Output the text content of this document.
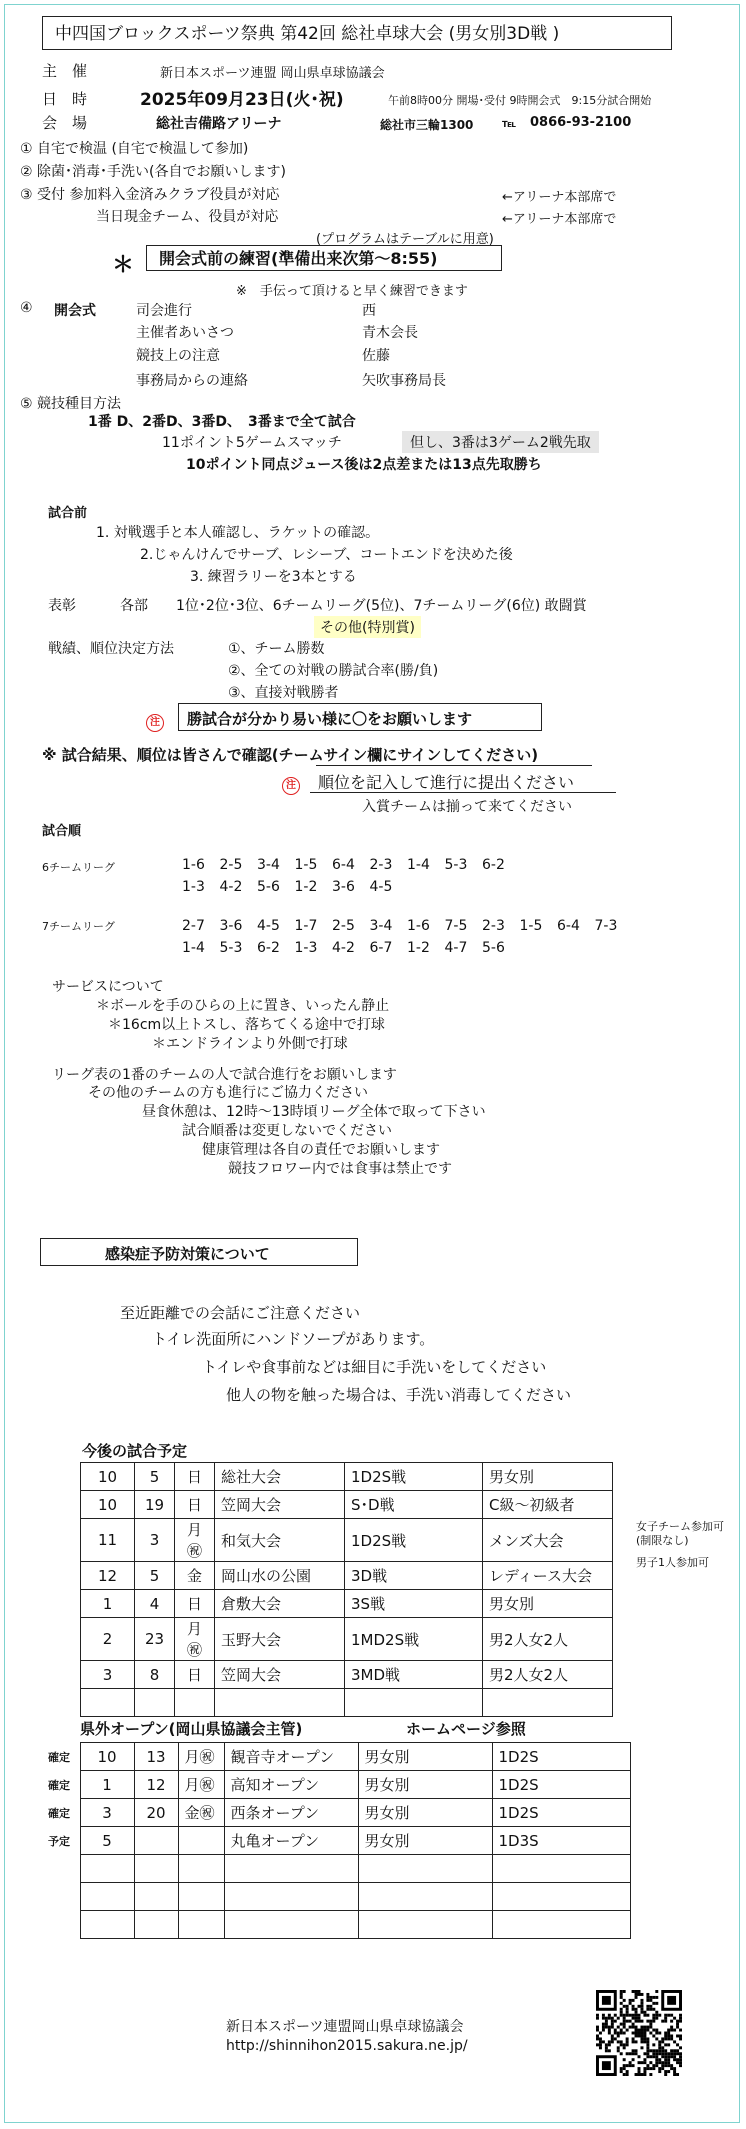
中四国ブロックスポーツ祭典 第42回 総社卓球大会 (男女別3D戦 )
主　催	新日本スポーツ連盟 岡山県卓球協議会
日　時	2025年09月23日(火･祝)	午前8時00分 開場･受付 9時開会式　9:15分試合開始
会　場	総社吉備路アリーナ	総社市三輪1300	℡ 0866-93-2100
① 自宅で検温 (自宅で検温して参加)
② 除菌･消毒･手洗い(各自でお願いします)
③ 受付 参加料入金済みクラブ役員が対応	←アリーナ本部席で
当日現金チーム、役員が対応	←アリーナ本部席で
(プログラムはテーブルに用意)
＊	開会式前の練習(準備出来次第～8:55)
※　手伝って頂けると早く練習できます
④ 開会式	司会進行	西
主催者あいさつ	青木会長
競技上の注意	佐藤
事務局からの連絡	矢吹事務局長
⑤ 競技種目方法
1番 D、2番D、3番D、　3番まで全て試合
11ポイント5ゲームスマッチ	但し、3番は3ゲーム2戦先取
10ポイント同点ジュース後は2点差または13点先取勝ち
試合前
1. 対戦選手と本人確認し、ラケットの確認。
2.じゃんけんでサーブ、レシーブ、コートエンドを決めた後
3. 練習ラリーを3本とする
表彰	各部 1位･2位･3位、6チームリーグ(5位)、7チームリーグ(6位) 敢闘賞
その他(特別賞)
戦績、順位決定方法	①、チーム勝数
②、全ての対戦の勝試合率(勝/負)
③、直接対戦勝者
注	勝試合が分かり易い様に〇をお願いします
※ 試合結果、順位は皆さんで確認(チームサイン欄にサインしてください)
注 順位を記入して進行に提出ください
入賞チームは揃って来てください
試合順
6チームリーグ	1-6 2-5 3-4 1-5 6-4 2-3 1-4 5-3 6-2
1-3 4-2 5-6 1-2 3-6 4-5
7チームリーグ	2-7 3-6 4-5 1-7 2-5 3-4 1-6 7-5 2-3 1-5 6-4 7-3
1-4 5-3 6-2 1-3 4-2 6-7 1-2 4-7 5-6
サービスについて
＊ボールを手のひらの上に置き、いったん静止
＊16cm以上トスし、落ちてくる途中で打球
＊エンドラインより外側で打球
リーグ表の1番のチームの人で試合進行をお願いします
その他のチームの方も進行にご協力ください
昼食休憩は、12時～13時頃リーグ全体で取って下さい
試合順番は変更しないでください
健康管理は各自の責任でお願いします
競技フロワー内では食事は禁止です
感染症予防対策について
至近距離での会話にご注意ください
トイレ洗面所にハンドソープがあります。
トイレや食事前などは細目に手洗いをしてください
他人の物を触った場合は、手洗い消毒してください
今後の試合予定
10	5	日	総社大会	1D2S戦	男女別
10	19	日	笠岡大会	S･D戦	C級～初級者
11	3	月㊗	和気大会	1D2S戦	メンズ大会
12	5	金	岡山水の公園	3D戦	レディース大会
1	4	日	倉敷大会	3S戦	男女別
2	23	月㊗	玉野大会	1MD2S戦	男2人女2人
3	8	日	笠岡大会	3MD戦	男2人女2人

女子チーム参加可
(制限なし)
男子1人参加可
県外オープン(岡山県協議会主管)	ホームページ参照
確定	10	13	月㊗	観音寺オープン	男女別	1D2S
確定	1	12	月㊗	高知オープン	男女別	1D2S
確定	3	20	金㊗	西条オープン	男女別	1D2S
予定	5			丸亀オープン	男女別	1D3S

新日本スポーツ連盟岡山県卓球協議会
http://shinnihon2015.sakura.ne.jp/
